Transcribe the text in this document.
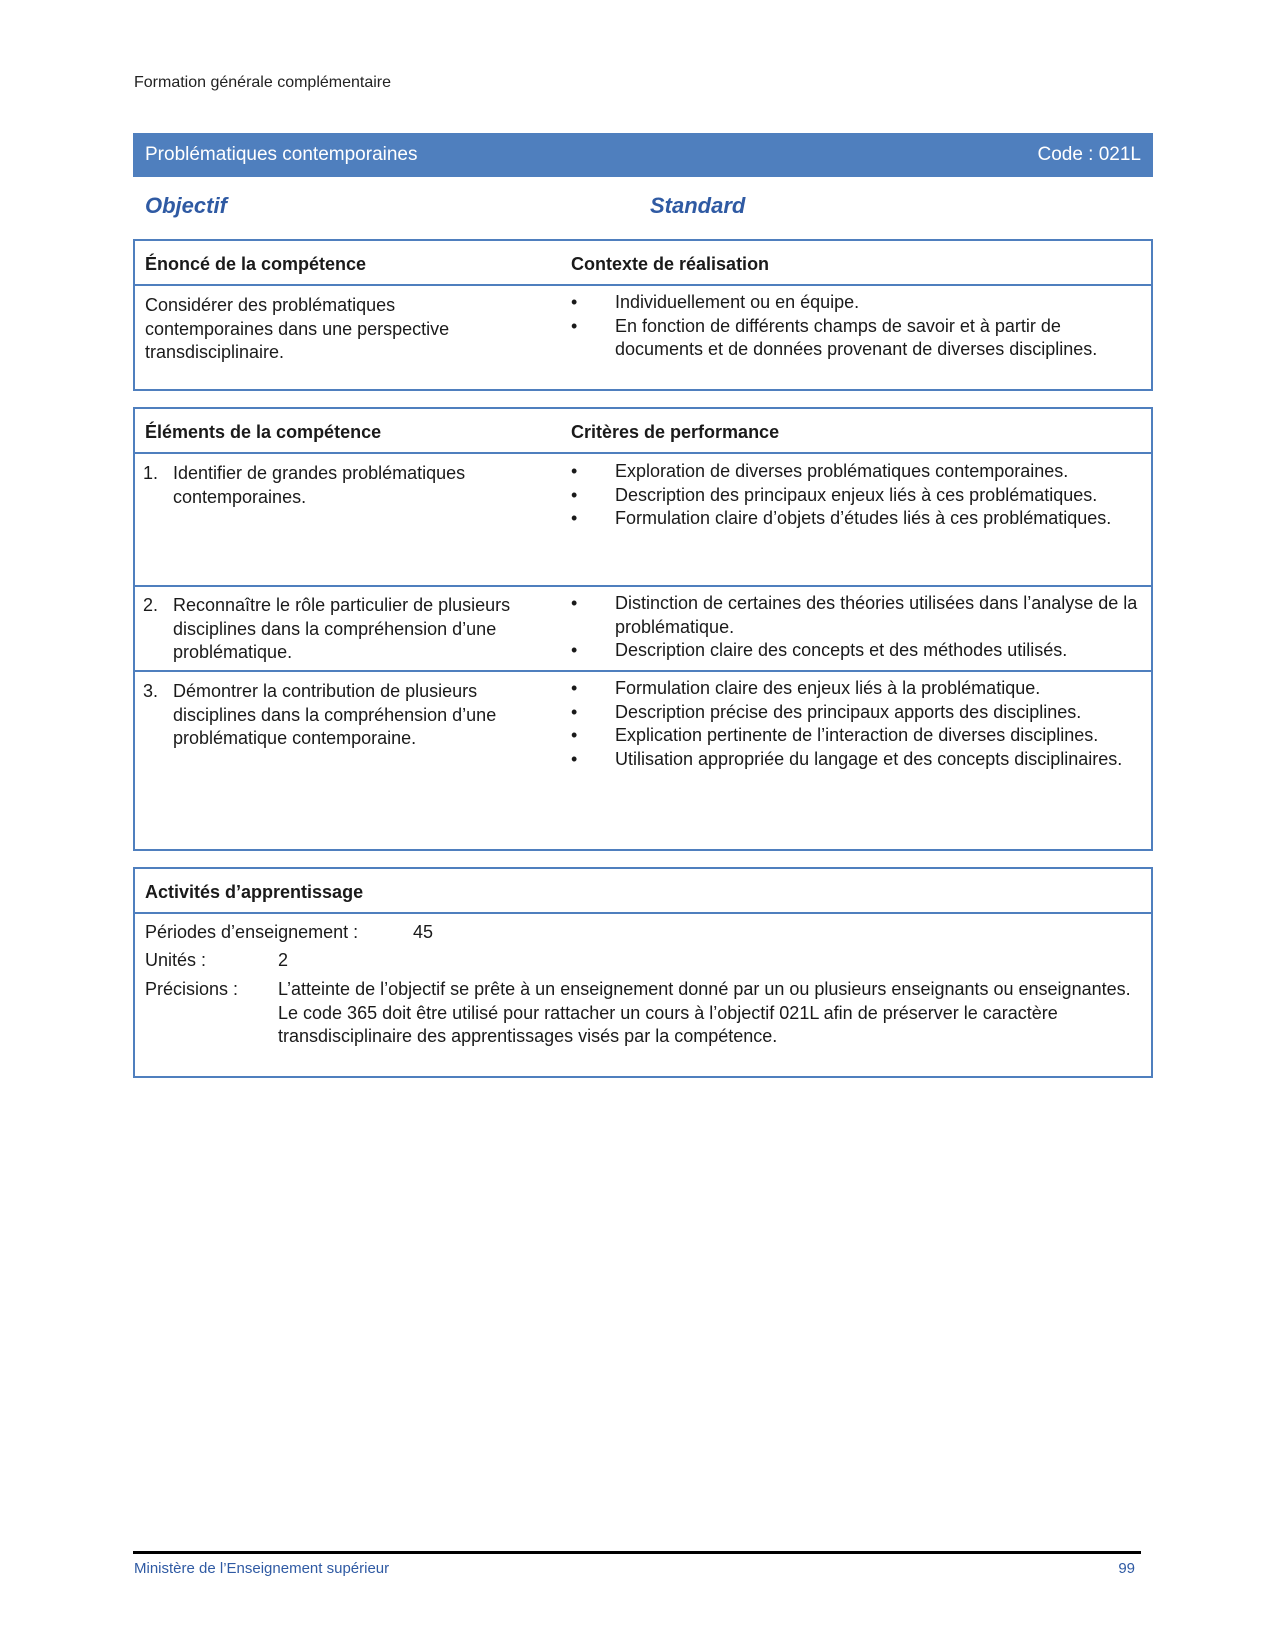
Formation générale complémentaire
Problématiques contemporaines	Code : 021L
Objectif	Standard
Énoncé de la compétence	Contexte de réalisation
Considérer des problématiques contemporaines dans une perspective transdisciplinaire.
• Individuellement ou en équipe.
• En fonction de différents champs de savoir et à partir de documents et de données provenant de diverses disciplines.
Éléments de la compétence	Critères de performance
1. Identifier de grandes problématiques contemporaines.
• Exploration de diverses problématiques contemporaines.
• Description des principaux enjeux liés à ces problématiques.
• Formulation claire d’objets d’études liés à ces problématiques.
2. Reconnaître le rôle particulier de plusieurs disciplines dans la compréhension d’une problématique.
• Distinction de certaines des théories utilisées dans l’analyse de la problématique.
• Description claire des concepts et des méthodes utilisés.
3. Démontrer la contribution de plusieurs disciplines dans la compréhension d’une problématique contemporaine.
• Formulation claire des enjeux liés à la problématique.
• Description précise des principaux apports des disciplines.
• Explication pertinente de l’interaction de diverses disciplines.
• Utilisation appropriée du langage et des concepts disciplinaires.
Activités d’apprentissage
Périodes d’enseignement :	45
Unités :	2
Précisions : L’atteinte de l’objectif se prête à un enseignement donné par un ou plusieurs enseignants ou enseignantes.
Le code 365 doit être utilisé pour rattacher un cours à l’objectif 021L afin de préserver le caractère transdisciplinaire des apprentissages visés par la compétence.
Ministère de l’Enseignement supérieur	99
